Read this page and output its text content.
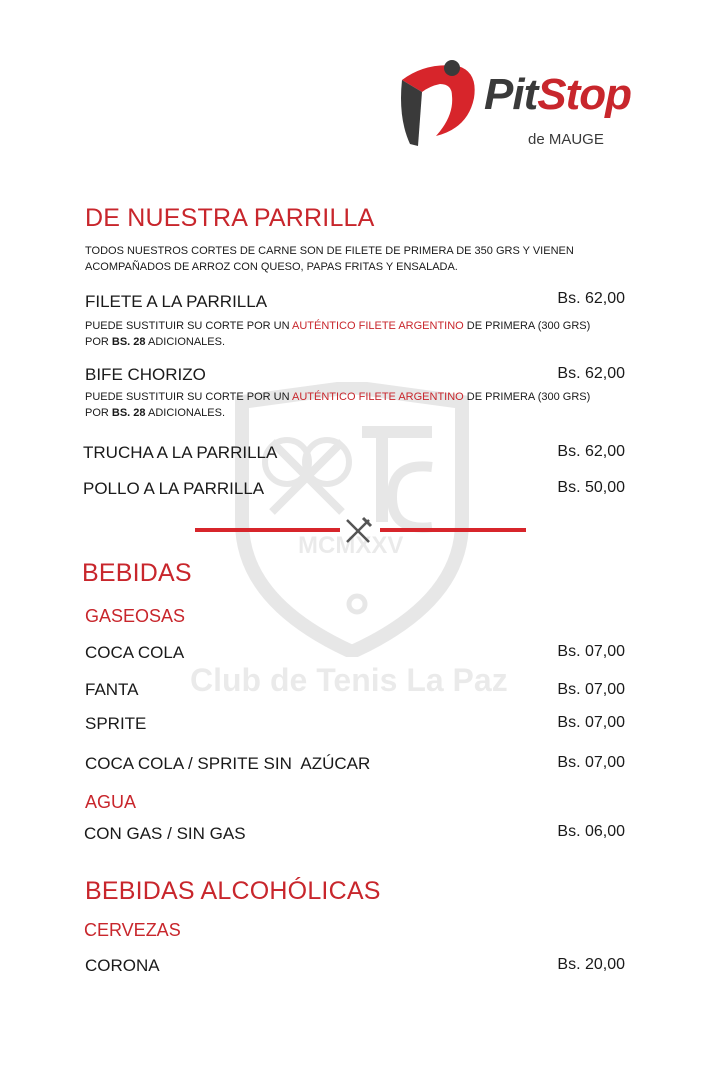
MCMXXV
Club de Tenis La Paz
PitStop
de MAUGE
DE NUESTRA PARRILLA
TODOS NUESTROS CORTES DE CARNE SON DE FILETE DE PRIMERA DE 350 GRS Y VIENEN
ACOMPAÑADOS DE ARROZ CON QUESO, PAPAS FRITAS Y ENSALADA.
FILETE A LA PARRILLA	Bs. 62,00
PUEDE SUSTITUIR SU CORTE POR UN AUTÉNTICO FILETE ARGENTINO DE PRIMERA (300 GRS)
POR BS. 28 ADICIONALES.
BIFE CHORIZO	Bs. 62,00
PUEDE SUSTITUIR SU CORTE POR UN AUTÉNTICO FILETE ARGENTINO DE PRIMERA (300 GRS)
POR BS. 28 ADICIONALES.
TRUCHA A LA PARRILLA	Bs. 62,00
POLLO A LA PARRILLA	Bs. 50,00
BEBIDAS
GASEOSAS
COCA COLA	Bs. 07,00
FANTA	Bs. 07,00
SPRITE	Bs. 07,00
COCA COLA / SPRITE SIN  AZÚCAR	Bs. 07,00
AGUA
CON GAS / SIN GAS	Bs. 06,00
BEBIDAS ALCOHÓLICAS
CERVEZAS
CORONA	Bs. 20,00
